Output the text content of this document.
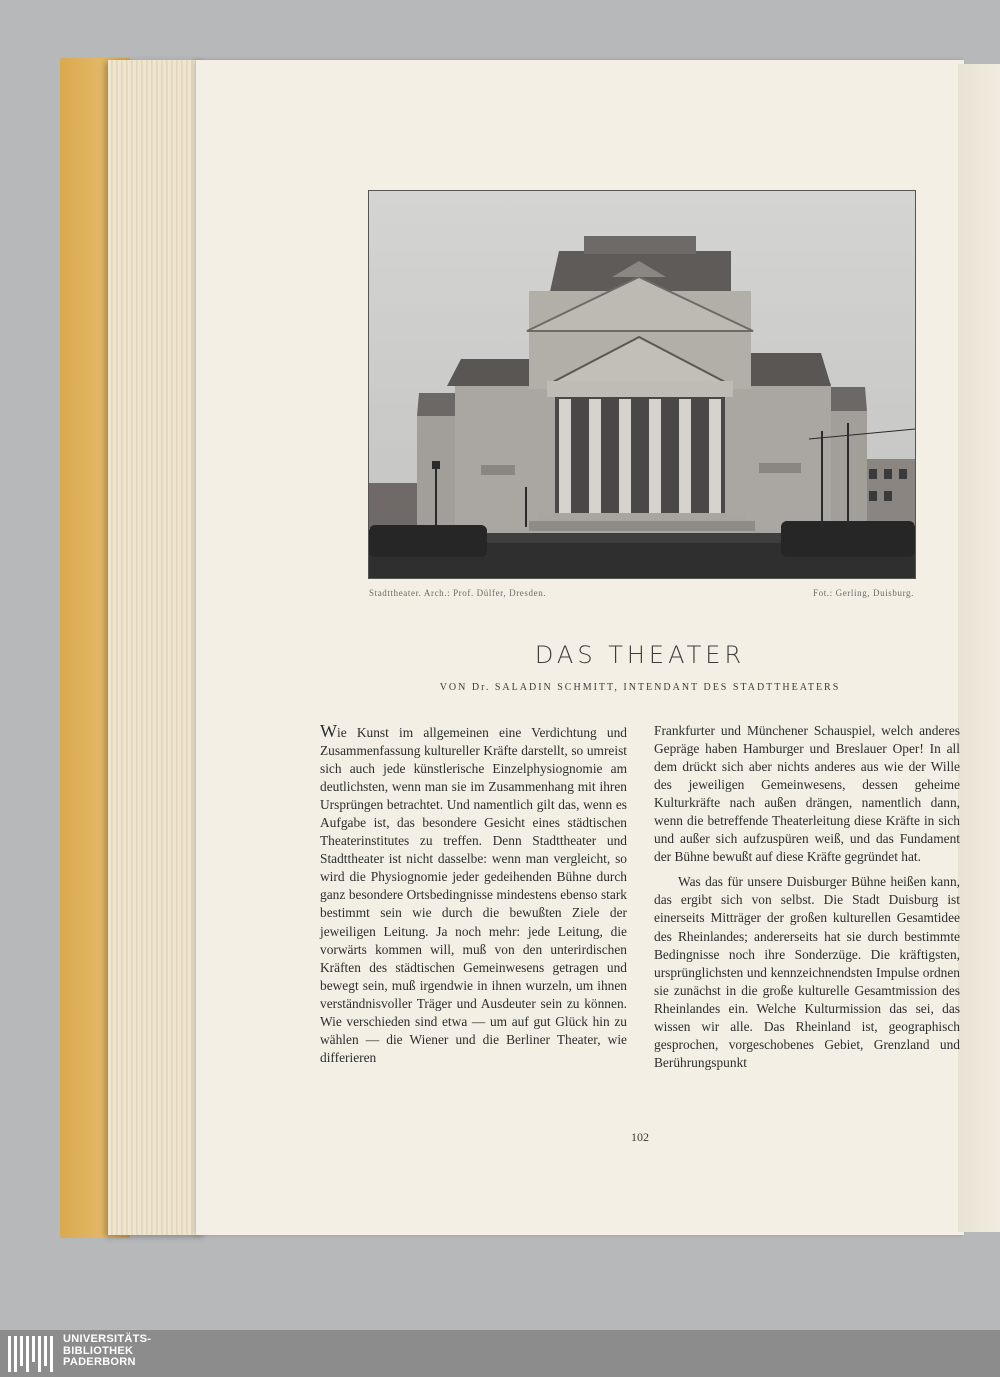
Stadttheater. Arch.: Prof. Dülfer, Dresden.	Fot.: Gerling, Duisburg.
DAS THEATER
VON Dr. SALADIN SCHMITT, INTENDANT DES STADTTHEATERS

Wie Kunst im allgemeinen eine Verdichtung und Zusammenfassung kultureller Kräfte darstellt, so umreist sich auch jede künstlerische Einzelphysiognomie am deutlichsten, wenn man sie im Zusammenhang mit ihren Ursprüngen betrachtet. Und namentlich gilt das, wenn es Aufgabe ist, das besondere Gesicht eines städtischen Theaterinstitutes zu treffen. Denn Stadttheater und Stadttheater ist nicht dasselbe: wenn man vergleicht, so wird die Physiognomie jeder gedeihenden Bühne durch ganz besondere Ortsbedingnisse mindestens ebenso stark bestimmt sein wie durch die bewußten Ziele der jeweiligen Leitung. Ja noch mehr: jede Leitung, die vorwärts kommen will, muß von den unterirdischen Kräften des städtischen Gemeinwesens getragen und bewegt sein, muß irgendwie in ihnen wurzeln, um ihnen verständnisvoller Träger und Ausdeuter sein zu können. Wie verschieden sind etwa — um auf gut Glück hin zu wählen — die Wiener und die Berliner Theater, wie differieren

Frankfurter und Münchener Schauspiel, welch anderes Gepräge haben Hamburger und Breslauer Oper! In all dem drückt sich aber nichts anderes aus wie der Wille des jeweiligen Gemeinwesens, dessen geheime Kulturkräfte nach außen drängen, namentlich dann, wenn die betreffende Theaterleitung diese Kräfte in sich und außer sich aufzuspüren weiß, und das Fundament der Bühne bewußt auf diese Kräfte gegründet hat.

Was das für unsere Duisburger Bühne heißen kann, das ergibt sich von selbst. Die Stadt Duisburg ist einerseits Mitträger der großen kulturellen Gesamtidee des Rheinlandes; andererseits hat sie durch bestimmte Bedingnisse noch ihre Sonderzüge. Die kräftigsten, ursprünglichsten und kennzeichnendsten Impulse ordnen sie zunächst in die große kulturelle Gesamtmission des Rheinlandes ein. Welche Kulturmission das sei, das wissen wir alle. Das Rheinland ist, geographisch gesprochen, vorgeschobenes Gebiet, Grenzland und Berührungspunkt

102
UNIVERSITÄTS-
BIBLIOTHEK
PADERBORN
